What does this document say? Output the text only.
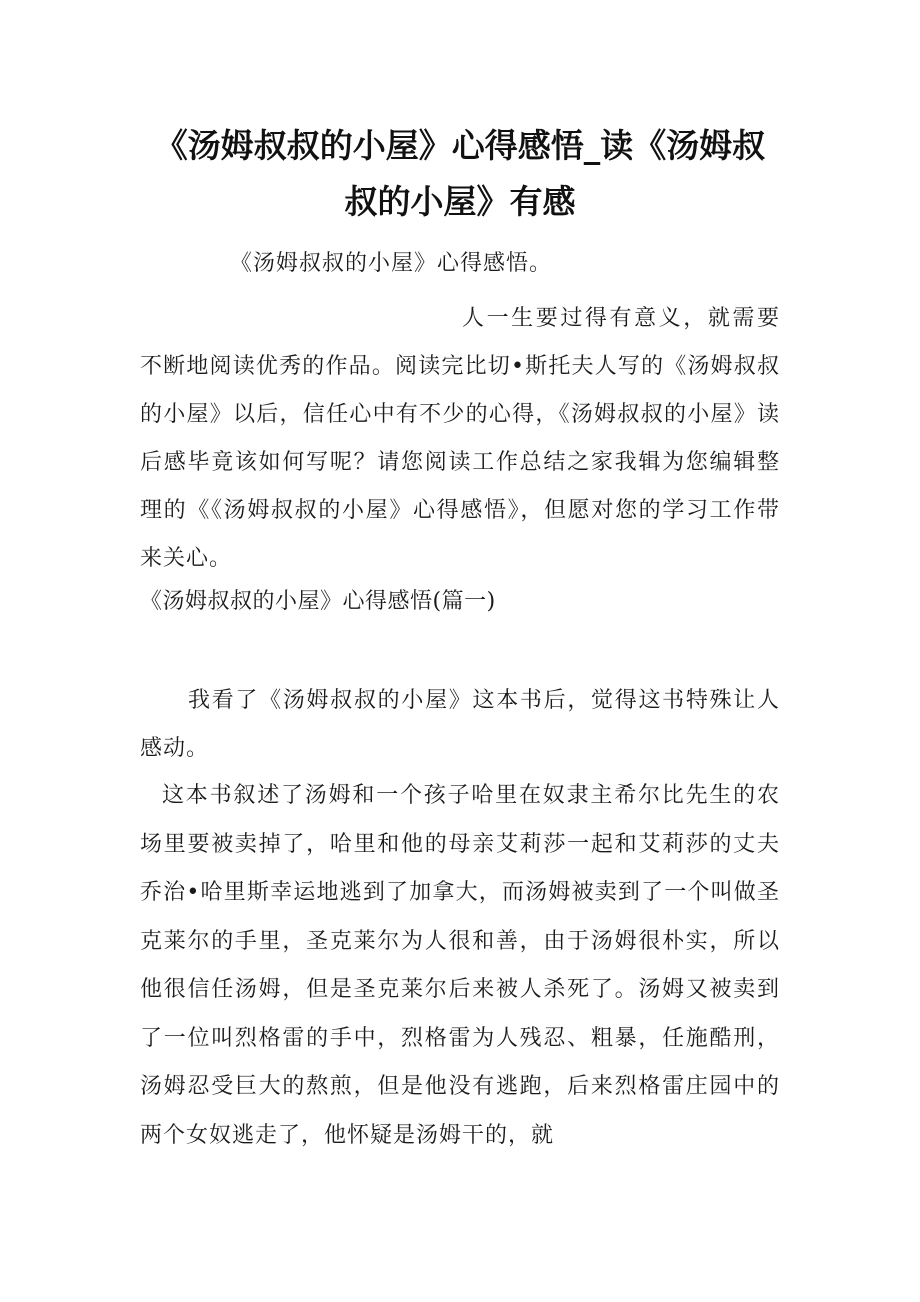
《汤姆叔叔的小屋》心得感悟_读《汤姆叔叔的小屋》有感

《汤姆叔叔的小屋》心得感悟。

人一生要过得有意义，就需要不断地阅读优秀的作品。阅读完比切•斯托夫人写的《汤姆叔叔的小屋》以后，信任心中有不少的心得，《汤姆叔叔的小屋》读后感毕竟该如何写呢？请您阅读工作总结之家我辑为您编辑整理的《《汤姆叔叔的小屋》心得感悟》，但愿对您的学习工作带来关心。

《汤姆叔叔的小屋》心得感悟(篇一)

我看了《汤姆叔叔的小屋》这本书后，觉得这书特殊让人感动。

这本书叙述了汤姆和一个孩子哈里在奴隶主希尔比先生的农场里要被卖掉了，哈里和他的母亲艾莉莎一起和艾莉莎的丈夫乔治•哈里斯幸运地逃到了加拿大，而汤姆被卖到了一个叫做圣克莱尔的手里，圣克莱尔为人很和善，由于汤姆很朴实，所以他很信任汤姆，但是圣克莱尔后来被人杀死了。汤姆又被卖到了一位叫烈格雷的手中，烈格雷为人残忍、粗暴，任施酷刑，汤姆忍受巨大的熬煎，但是他没有逃跑，后来烈格雷庄园中的两个女奴逃走了，他怀疑是汤姆干的，就
